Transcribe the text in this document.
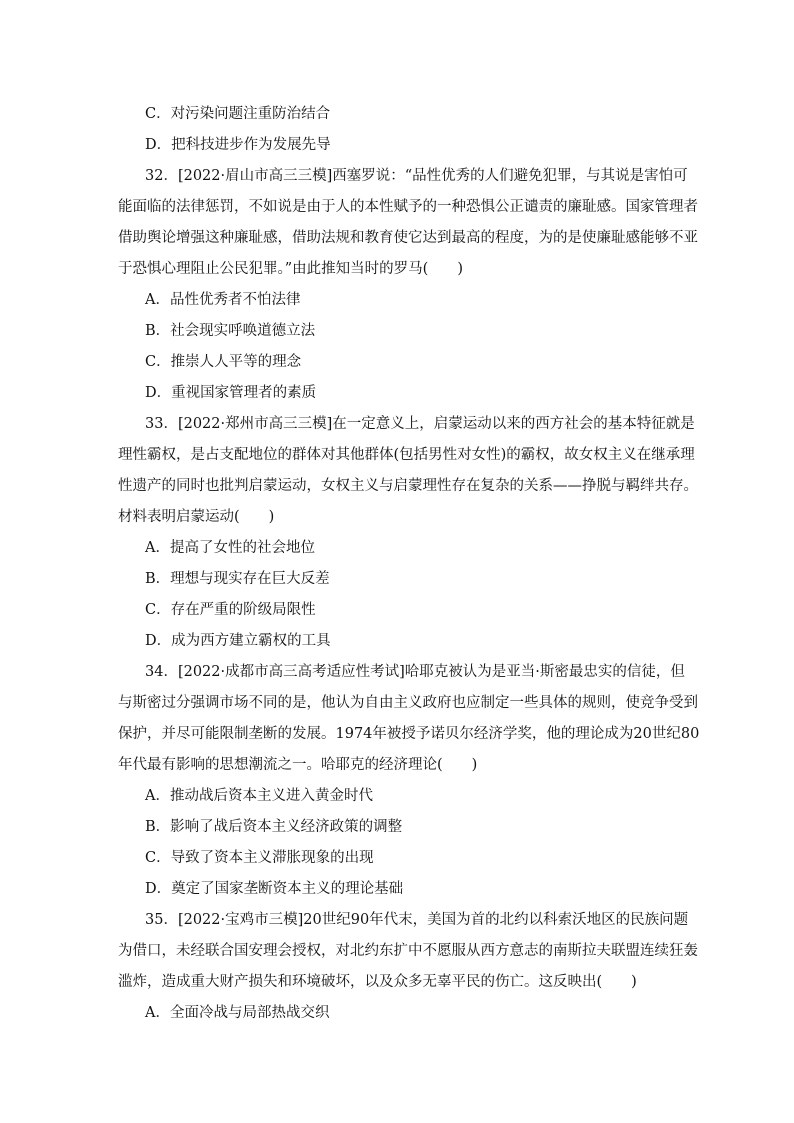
C．对污染问题注重防治结合
D．把科技进步作为发展先导
32．[2022·眉山市高三三模]西塞罗说：“品性优秀的人们避免犯罪，与其说是害怕可
能面临的法律惩罚，不如说是由于人的本性赋予的一种恐惧公正谴责的廉耻感。国家管理者
借助舆论增强这种廉耻感，借助法规和教育使它达到最高的程度，为的是使廉耻感能够不亚
于恐惧心理阻止公民犯罪。”由此推知当时的罗马(　　)
A．品性优秀者不怕法律
B．社会现实呼唤道德立法
C．推崇人人平等的理念
D．重视国家管理者的素质
33．[2022·郑州市高三三模]在一定意义上，启蒙运动以来的西方社会的基本特征就是
理性霸权，是占支配地位的群体对其他群体(包括男性对女性)的霸权，故女权主义在继承理
性遗产的同时也批判启蒙运动，女权主义与启蒙理性存在复杂的关系——挣脱与羁绊共存。
材料表明启蒙运动(　　)
A．提高了女性的社会地位
B．理想与现实存在巨大反差
C．存在严重的阶级局限性
D．成为西方建立霸权的工具
34．[2022·成都市高三高考适应性考试]哈耶克被认为是亚当·斯密最忠实的信徒，但
与斯密过分强调市场不同的是，他认为自由主义政府也应制定一些具体的规则，使竞争受到
保护，并尽可能限制垄断的发展。1974年被授予诺贝尔经济学奖，他的理论成为20世纪80
年代最有影响的思想潮流之一。哈耶克的经济理论(　　)
A．推动战后资本主义进入黄金时代
B．影响了战后资本主义经济政策的调整
C．导致了资本主义滞胀现象的出现
D．奠定了国家垄断资本主义的理论基础
35．[2022·宝鸡市三模]20世纪90年代末，美国为首的北约以科索沃地区的民族问题
为借口，未经联合国安理会授权，对北约东扩中不愿服从西方意志的南斯拉夫联盟连续狂轰
滥炸，造成重大财产损失和环境破坏，以及众多无辜平民的伤亡。这反映出(　　)
A．全面冷战与局部热战交织
